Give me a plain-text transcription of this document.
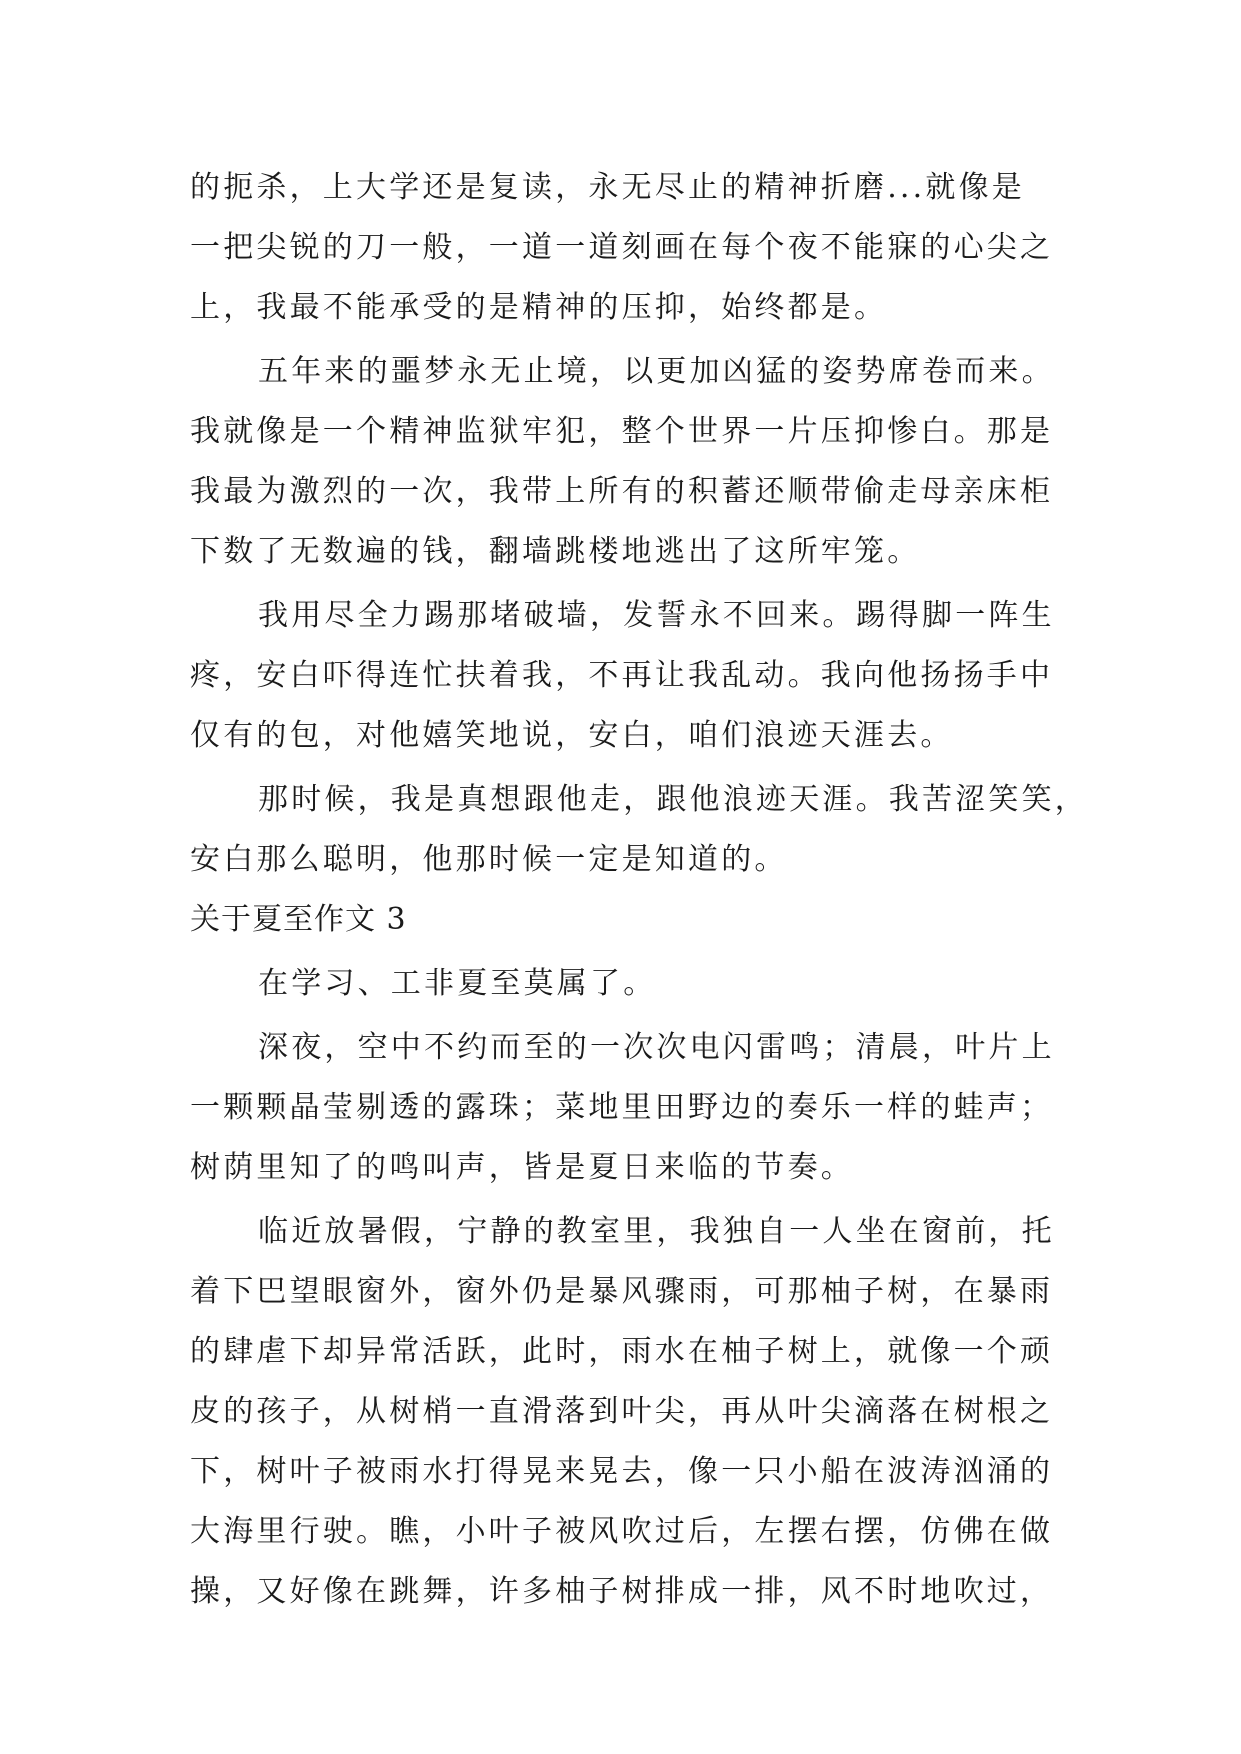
的扼杀，上大学还是复读，永无尽止的精神折磨...就像是
一把尖锐的刀一般，一道一道刻画在每个夜不能寐的心尖之
上，我最不能承受的是精神的压抑，始终都是。
五年来的噩梦永无止境，以更加凶猛的姿势席卷而来。
我就像是一个精神监狱牢犯，整个世界一片压抑惨白。那是
我最为激烈的一次，我带上所有的积蓄还顺带偷走母亲床柜
下数了无数遍的钱，翻墙跳楼地逃出了这所牢笼。
我用尽全力踢那堵破墙，发誓永不回来。踢得脚一阵生
疼，安白吓得连忙扶着我，不再让我乱动。我向他扬扬手中
仅有的包，对他嬉笑地说，安白，咱们浪迹天涯去。
那时候，我是真想跟他走，跟他浪迹天涯。我苦涩笑笑，
安白那么聪明，他那时候一定是知道的。
关于夏至作文 3
在学习、工非夏至莫属了。
深夜，空中不约而至的一次次电闪雷鸣；清晨，叶片上
一颗颗晶莹剔透的露珠；菜地里田野边的奏乐一样的蛙声；
树荫里知了的鸣叫声，皆是夏日来临的节奏。
临近放暑假，宁静的教室里，我独自一人坐在窗前，托
着下巴望眼窗外，窗外仍是暴风骤雨，可那柚子树，在暴雨
的肆虐下却异常活跃，此时，雨水在柚子树上，就像一个顽
皮的孩子，从树梢一直滑落到叶尖，再从叶尖滴落在树根之
下，树叶子被雨水打得晃来晃去，像一只小船在波涛汹涌的
大海里行驶。瞧，小叶子被风吹过后，左摆右摆，仿佛在做
操，又好像在跳舞，许多柚子树排成一排，风不时地吹过，
